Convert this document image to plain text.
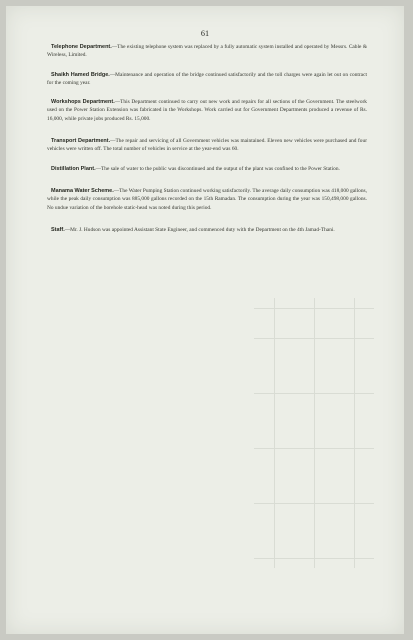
61

Telephone Department.—The existing telephone system was replaced by a fully automatic system installed and operated by Messrs. Cable & Wireless, Limited.

Shaikh Hamed Bridge.—Maintenance and operation of the bridge continued satisfactorily and the toll charges were again let out on contract for the coming year.

Workshops Department.—This Department continued to carry out new work and repairs for all sections of the Government. The steelwork used on the Power Station Extension was fabricated in the Workshops. Work carried out for Government Departments produced a revenue of Rs. 16,000, while private jobs produced Rs. 15,000.

Transport Department.—The repair and servicing of all Government vehicles was maintained. Eleven new vehicles were purchased and four vehicles were written off. The total number of vehicles in service at the year-end was 60.

Distillation Plant.—The sale of water to the public was discontinued and the output of the plant was confined to the Power Station.

Manama Water Scheme.—The Water Pumping Station continued working satisfactorily. The average daily consumption was 418,000 gallons, while the peak daily consumption was 885,000 gallons recorded on the 15th Ramadan. The consumption during the year was 150,498,000 gallons. No undue variation of the borehole static-head was noted during this period.

Staff.—Mr. J. Hudson was appointed Assistant State Engineer, and commenced duty with the Department on the 4th Jamad-Thani.
